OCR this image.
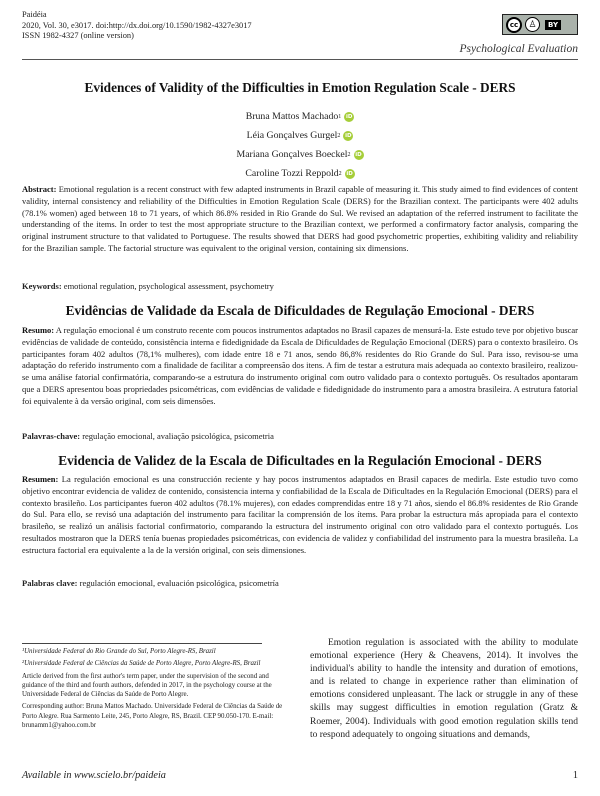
Paidéia
2020, Vol. 30, e3017. doi:http://dx.doi.org/10.1590/1982-4327e3017
ISSN 1982-4327 (online version)
cc	♙	BY
Psychological Evaluation
Evidences of Validity of the Difficulties in Emotion Regulation Scale - DERS
Bruna Mattos Machado 1 iD
Léia Gonçalves Gurgel 2 iD
Mariana Gonçalves Boeckel 2 iD
Caroline Tozzi Reppold 2 iD
Abstract: Emotional regulation is a recent construct with few adapted instruments in Brazil capable of measuring it. This study aimed to find evidences of content validity, internal consistency and reliability of the Difficulties in Emotion Regulation Scale (DERS) for the Brazilian context. The participants were 402 adults (78.1% women) aged between 18 to 71 years, of which 86.8% resided in Rio Grande do Sul. We revised an adaptation of the referred instrument to facilitate the understanding of the items. In order to test the most appropriate structure to the Brazilian context, we performed a confirmatory factor analysis, comparing the original instrument structure to that validated to Portuguese. The results showed that DERS had good psychometric properties, exhibiting validity and reliability for the Brazilian sample. The factorial structure was equivalent to the original version, containing six dimensions.
Keywords: emotional regulation, psychological assessment, psychometry
Evidências de Validade da Escala de Dificuldades de Regulação Emocional - DERS
Resumo: A regulação emocional é um construto recente com poucos instrumentos adaptados no Brasil capazes de mensurá-la. Este estudo teve por objetivo buscar evidências de validade de conteúdo, consistência interna e fidedignidade da Escala de Dificuldades de Regulação Emocional (DERS) para o contexto brasileiro. Os participantes foram 402 adultos (78,1% mulheres), com idade entre 18 e 71 anos, sendo 86,8% residentes do Rio Grande do Sul. Para isso, revisou-se uma adaptação do referido instrumento com a finalidade de facilitar a compreensão dos itens. A fim de testar a estrutura mais adequada ao contexto brasileiro, realizou-se uma análise fatorial confirmatória, comparando-se a estrutura do instrumento original com outro validado para o contexto português. Os resultados apontaram que a DERS apresentou boas propriedades psicométricas, com evidências de validade e fidedignidade do instrumento para a amostra brasileira. A estrutura fatorial foi equivalente à da versão original, com seis dimensões.
Palavras-chave: regulação emocional, avaliação psicológica, psicometria
Evidencia de Validez de la Escala de Dificultades en la Regulación Emocional - DERS
Resumen: La regulación emocional es una construcción reciente y hay pocos instrumentos adaptados en Brasil capaces de medirla. Este estudio tuvo como objetivo encontrar evidencia de validez de contenido, consistencia interna y confiabilidad de la Escala de Dificultades en la Regulación Emocional (DERS) para el contexto brasileño. Los participantes fueron 402 adultos (78.1% mujeres), con edades comprendidas entre 18 y 71 años, siendo el 86.8% residentes de Rio Grande do Sul. Para ello, se revisó una adaptación del instrumento para facilitar la comprensión de los ítems. Para probar la estructura más apropiada para el contexto brasileño, se realizó un análisis factorial confirmatorio, comparando la estructura del instrumento original con otro validado para el contexto portugués. Los resultados mostraron que la DERS tenía buenas propiedades psicométricas, con evidencia de validez y confiabilidad del instrumento para la muestra brasileña. La estructura factorial era equivalente a la de la versión original, con seis dimensiones.
Palabras clave: regulación emocional, evaluación psicológica, psicometría

¹Universidade Federal do Rio Grande do Sul, Porto Alegre-RS, Brazil

²Universidade Federal de Ciências da Saúde de Porto Alegre, Porto Alegre-RS, Brazil

Article derived from the first author's term paper, under the supervision of the second and guidance of the third and fourth authors, defended in 2017, in the psychology course at the Universidade Federal de Ciências da Saúde de Porto Alegre.

Corresponding author: Bruna Mattos Machado. Universidade Federal de Ciências da Saúde de Porto Alegre. Rua Sarmento Leite, 245, Porto Alegre, RS, Brazil. CEP 90.050-170. E-mail: brunamm1@yahoo.com.br

Emotion regulation is associated with the ability to modulate emotional experience (Hery & Cheavens, 2014). It involves the individual's ability to handle the intensity and duration of emotions, and is related to change in experience rather than elimination of emotions considered unpleasant. The lack or struggle in any of these skills may suggest difficulties in emotion regulation (Gratz & Roemer, 2004). Individuals with good emotion regulation skills tend to respond adequately to ongoing situations and demands,
Available in www.scielo.br/paideia	1
